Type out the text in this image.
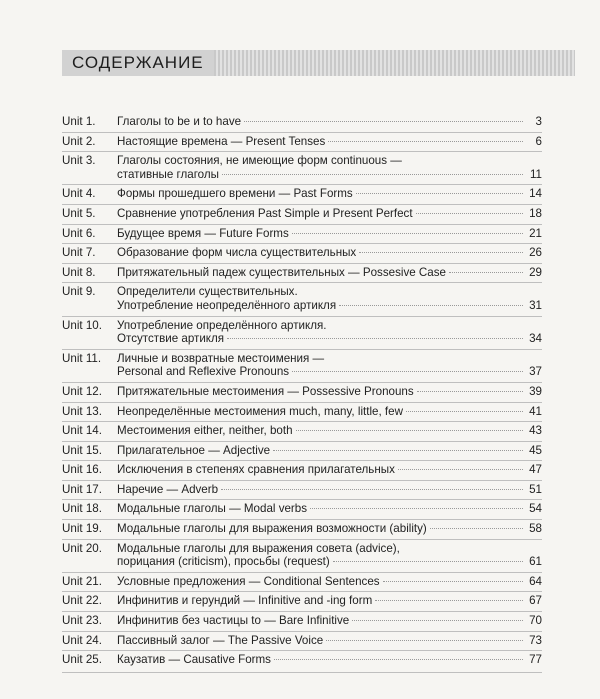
СОДЕРЖАНИЕ
Unit 1.	Глаголы to be и to have	3
Unit 2.	Настоящие времена — Present Tenses	6
Unit 3.	Глаголы состояния, не имеющие форм continuous —
стативные глаголы	11
Unit 4.	Формы прошедшего времени — Past Forms	14
Unit 5.	Сравнение употребления Past Simple и Present Perfect	18
Unit 6.	Будущее время — Future Forms	21
Unit 7.	Образование форм числа существительных	26
Unit 8.	Притяжательный падеж существительных — Possesive Case	29
Unit 9.	Определители существительных.
Употребление неопределённого артикля	31
Unit 10.	Употребление определённого артикля.
Отсутствие артикля	34
Unit 11.	Личные и возвратные местоимения —
Personal and Reflexive Pronouns	37
Unit 12.	Притяжательные местоимения — Possessive Pronouns	39
Unit 13.	Неопределённые местоимения much, many, little, few	41
Unit 14.	Местоимения either, neither, both	43
Unit 15.	Прилагательное — Adjective	45
Unit 16.	Исключения в степенях сравнения прилагательных	47
Unit 17.	Наречие — Adverb	51
Unit 18.	Модальные глаголы — Modal verbs	54
Unit 19.	Модальные глаголы для выражения возможности (ability)	58
Unit 20.	Модальные глаголы для выражения совета (advice),
порицания (criticism), просьбы (request)	61
Unit 21.	Условные предложения — Conditional Sentences	64
Unit 22.	Инфинитив и герундий — Infinitive and -ing form	67
Unit 23.	Инфинитив без частицы to — Bare Infinitive	70
Unit 24.	Пассивный залог — The Passive Voice	73
Unit 25.	Каузатив — Causative Forms	77
